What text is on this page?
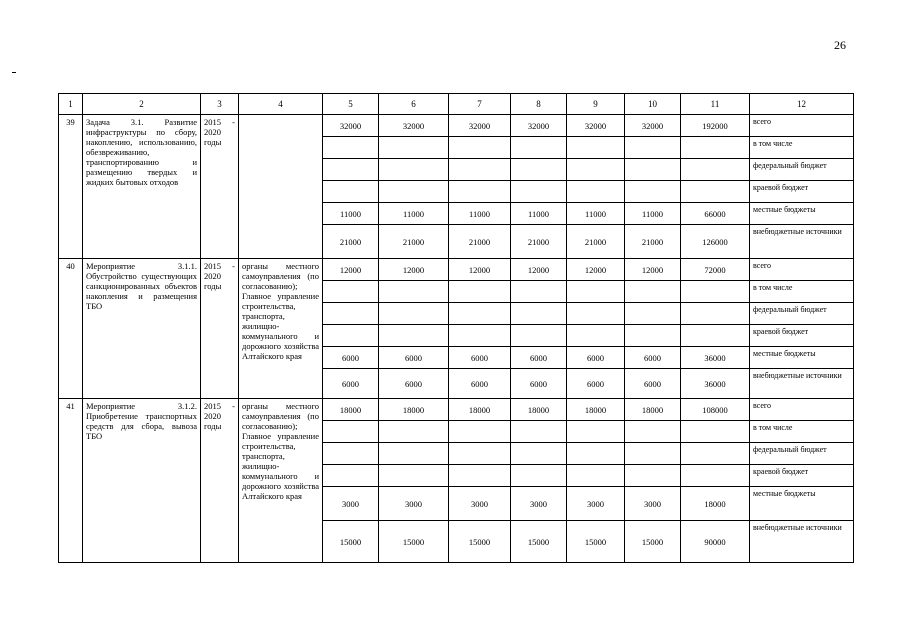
26
1	2	3	4	5	6	7	8	9	10	11	12
39	Задача 3.1. Развитие инфраструктуры по сбору, накоплению, использованию, обезвреживанию, транспортированию и размещению твердых и жидких бытовых отходов	2015 - 2020 годы		32000	32000	32000	32000	32000	32000	192000	всего
											в том числе
											федеральный бюджет
											краевой бюджет
				11000	11000	11000	11000	11000	11000	66000	местные бюджеты
				21000	21000	21000	21000	21000	21000	126000	внебюджетные источники
40	Мероприятие 3.1.1. Обустройство существующих санкционированных объектов накопления и размещения ТБО	2015 - 2020 годы	органы местного самоуправления (по согласованию); Главное управление строительства, транспорта, жилищно-коммунального и дорожного хозяйства Алтайского края	12000	12000	12000	12000	12000	12000	72000	всего
											в том числе
											федеральный бюджет
											краевой бюджет
				6000	6000	6000	6000	6000	6000	36000	местные бюджеты
				6000	6000	6000	6000	6000	6000	36000	внебюджетные источники
41	Мероприятие 3.1.2. Приобретение транспортных средств для сбора, вывоза ТБО	2015 - 2020 годы	органы местного самоуправления (по согласованию); Главное управление строительства, транспорта, жилищно-коммунального и дорожного хозяйства Алтайского края	18000	18000	18000	18000	18000	18000	108000	всего
											в том числе
											федеральный бюджет
											краевой бюджет
				3000	3000	3000	3000	3000	3000	18000	местные бюджеты
				15000	15000	15000	15000	15000	15000	90000	внебюджетные источники
